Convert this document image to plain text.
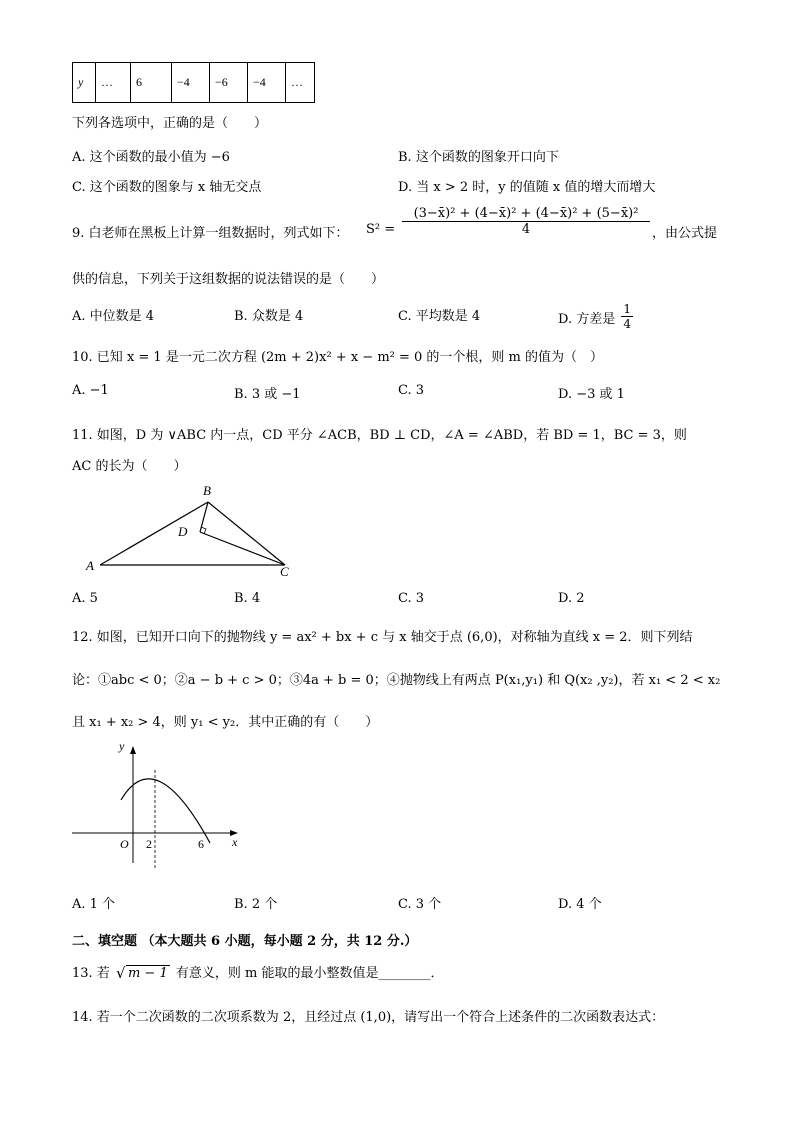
y	…	6	−4	−6	−4	…
下列各选项中，正确的是（　　）
A. 这个函数的最小值为 −6	B. 这个函数的图象开口向下
C. 这个函数的图象与 x 轴无交点	D. 当 x > 2 时，y 的值随 x 值的增大而增大
9. 白老师在黑板上计算一组数据时，列式如下： $S^2 = \frac{\text{(3−x̄)² + (4−x̄)² + (4−x̄)² + (5−x̄)²}}{4}$ ，由公式提
供的信息，下列关于这组数据的说法错误的是（　　）
A. 中位数是 4	B. 众数是 4	C. 平均数是 4	D. 方差是 $\frac{1}{4}$
10. 已知 x = 1 是一元二次方程 (2m + 2)x² + x − m² = 0 的一个根，则 m 的值为（　）
A. −1	B. 3 或 −1	C. 3	D. −3 或 1
11. 如图，D 为 ∨ABC 内一点，CD 平分 ∠ACB，BD ⊥ CD，∠A = ∠ABD，若 BD = 1，BC = 3，则
AC 的长为（　　）
A
B
C
D
A. 5	B. 4	C. 3	D. 2
12. 如图，已知开口向下的抛物线 y = ax² + bx + c 与 x 轴交于点 (6,0)，对称轴为直线 x = 2．则下列结
论：①abc < 0；②a − b + c > 0；③4a + b = 0；④抛物线上有两点 P(x₁,y₁) 和 Q(x₂ ,y₂)，若 x₁ < 2 < x₂
且 x₁ + x₂ > 4，则 y₁ < y₂．其中正确的有（　　）
y
x
O 2	6
A. 1 个	B. 2 个	C. 3 个	D. 4 个
二、填空题 （本大题共 6 小题，每小题 2 分，共 12 分.）
13. 若 √ m − 1 有意义，则 m 能取的最小整数值是________．
14. 若一个二次函数的二次项系数为 2，且经过点 (1,0)，请写出一个符合上述条件的二次函数表达式：
